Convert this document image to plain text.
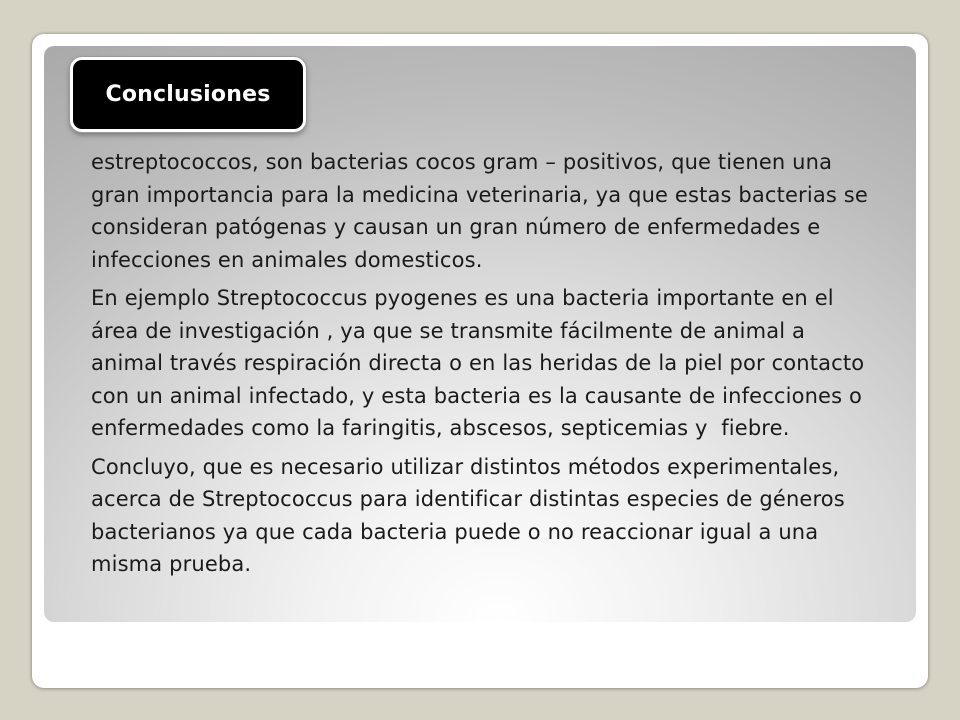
Conclusiones

estreptococcos, son bacterias cocos gram – positivos, que tienen una gran importancia para la medicina veterinaria, ya que estas bacterias se consideran patógenas y causan un gran número de enfermedades e infecciones en animales domesticos.

En ejemplo Streptococcus pyogenes es una bacteria importante en el área de investigación , ya que se transmite fácilmente de animal a  animal través respiración directa o en las heridas de la piel por contacto con un animal infectado, y esta bacteria es la causante de infecciones o enfermedades como la faringitis, abscesos, septicemias y  fiebre.

Concluyo, que es necesario utilizar distintos métodos experimentales, acerca de Streptococcus para identificar distintas especies de géneros bacterianos ya que cada bacteria puede o no reaccionar igual a una misma prueba.
